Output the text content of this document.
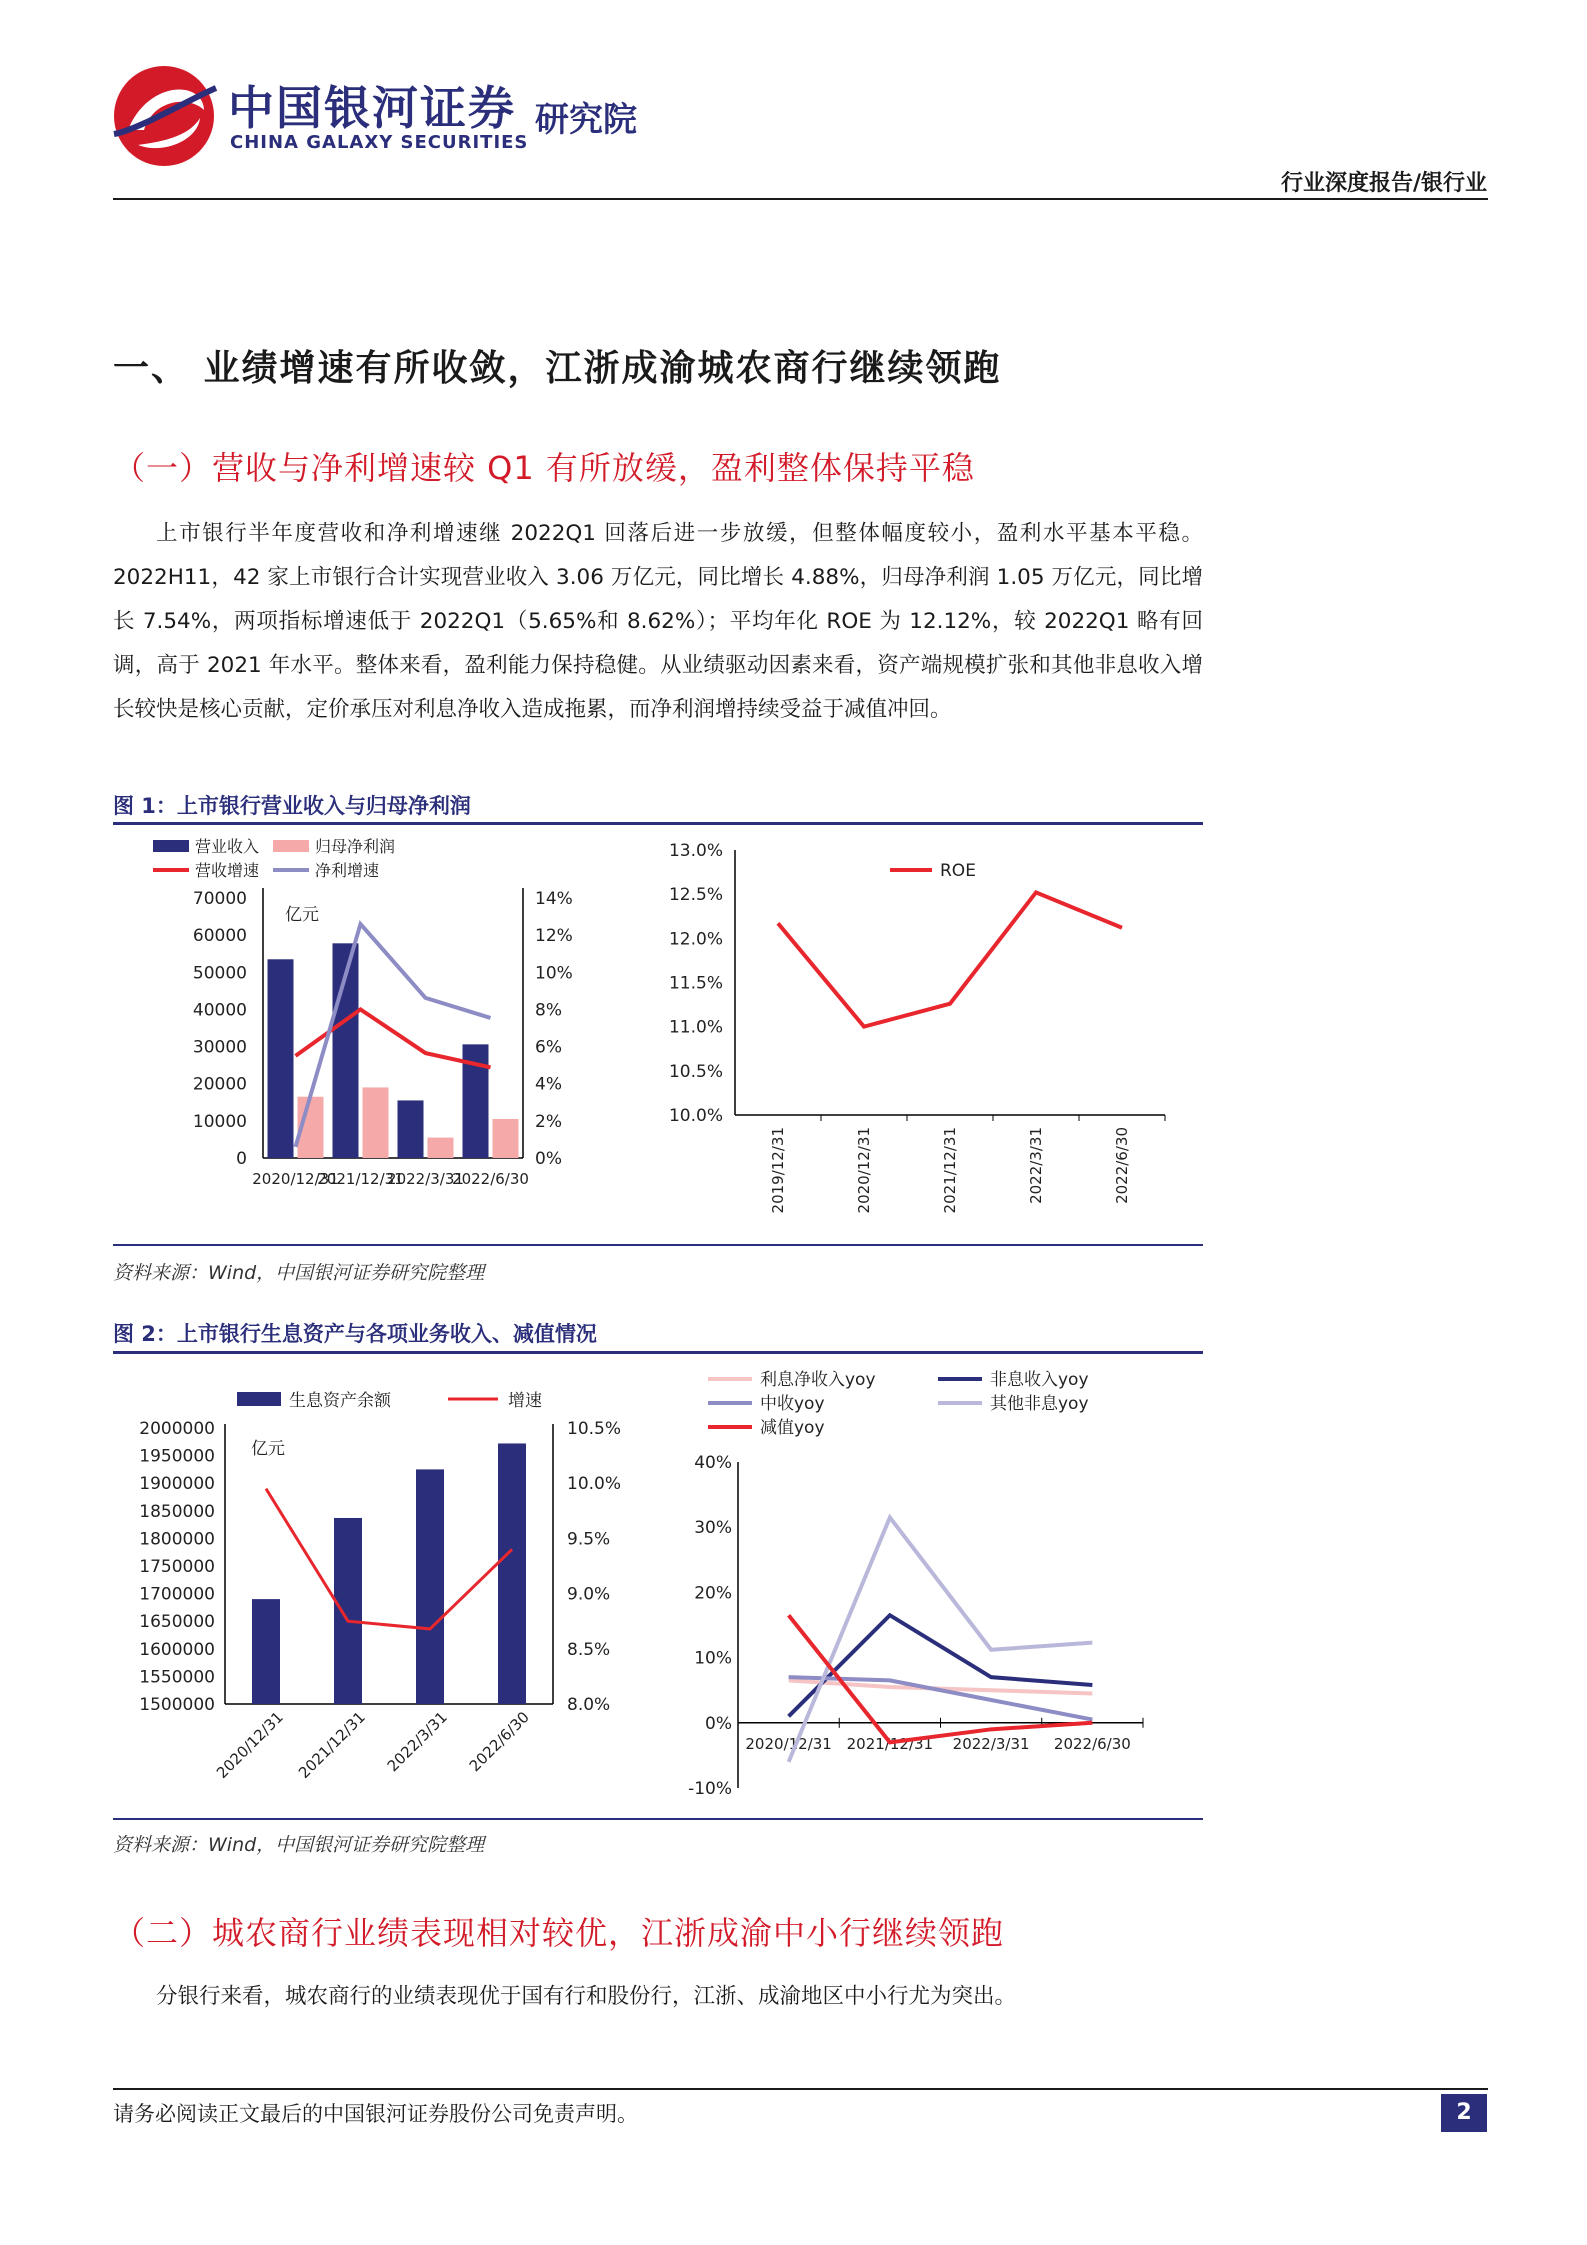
中国银河证券
CHINA GALAXY SECURITIES
研究院
行业深度报告/银行业
一、 业绩增速有所收敛，江浙成渝城农商行继续领跑
（一）营收与净利增速较 Q1 有所放缓，盈利整体保持平稳
上市银行半年度营收和净利增速继 2022Q1 回落后进一步放缓，但整体幅度较小，盈利水平基本平稳。2022H11，42 家上市银行合计实现营业收入 3.06 万亿元，同比增长 4.88%，归母净利润 1.05 万亿元，同比增长 7.54%，两项指标增速低于 2022Q1（5.65%和 8.62%）；平均年化 ROE 为 12.12%，较 2022Q1 略有回调，高于 2021 年水平。整体来看，盈利能力保持稳健。从业绩驱动因素来看，资产端规模扩张和其他非息收入增长较快是核心贡献，定价承压对利息净收入造成拖累，而净利润增持续受益于减值冲回。
图 1：上市银行营业收入与归母净利润
营业收入	归母净利润
营收增速	净利增速
0
10000
20000
30000
40000
50000
60000
70000
0%
2%
4%
6%
8%
10%
12%
14%
亿元
2020/12/31
2021/12/31
2022/3/31
2022/6/30
10.0%
10.5%
11.0%
11.5%
12.0%
12.5%
13.0%
2019/12/31	2020/12/31	2021/12/31	2022/3/31	2022/6/30
ROE
资料来源：Wind，中国银河证券研究院整理
图 2：上市银行生息资产与各项业务收入、减值情况
生息资产余额	增速
1500000
1550000
1600000
1650000
1700000
1750000
1800000
1850000
1900000
1950000
2000000
8.0%
8.5%
9.0%
9.5%
10.0%
10.5%
亿元
2020/12/31 2021/12/31 2022/3/31 2022/6/30
利息净收入yoy	非息收入yoy
中收yoy	其他非息yoy
减值yoy
-10%
0%
10%
20%
30%
40%
2020/12/31 2021/12/31 2022/3/31 2022/6/30
资料来源：Wind，中国银河证券研究院整理
（二）城农商行业绩表现相对较优，江浙成渝中小行继续领跑
分银行来看，城农商行的业绩表现优于国有行和股份行，江浙、成渝地区中小行尤为突出。
请务必阅读正文最后的中国银河证券股份公司免责声明。	2
